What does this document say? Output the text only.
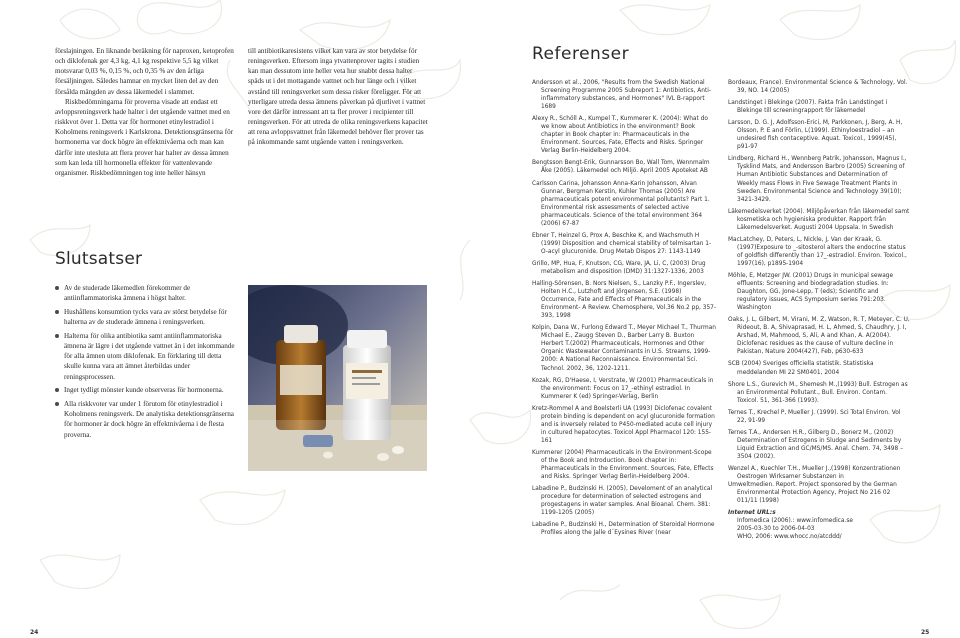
förslajningen. En liknande beräkning för naproxen, ketoprofen och diklofenak ger 4,3 kg, 4,1 kg respektive 5,5 kg vilket motsvarar 0,03 %, 0,15 %, och 0,35 % av den årliga försäljningen. Således hamnar en mycket liten del av den försålda mängden av dessa läkemedel i slammet.

Riskbedömningarna för proverna visade att endast ett avloppsreningsverk hade halter i det utgående vattnet med en riskkvot över 1. Detta var för hormonet etinylestradiol i Koholmens reningsverk i Karlskrona. Detektionsgränserna för hormonerna var dock högre än effektnivåerna och man kan därför inte utesluta att flera prover har halter av dessa ämnen som kan leda till hormonella effekter för vattenlevande organismer. Riskbedömningen tog inte heller hänsyn

till antibiotikaresistens vilket kan vara av stor betydelse för reningsverken. Eftersom inga ytvattenprover tagits i studien kan man dessutom inte heller veta hur snabbt dessa halter späds ut i det mottagande vattnet och hur länge och i vilket avstånd till reningsverket som dessa risker föreligger. För att ytterligare utreda dessa ämnens påverkan på djurlivet i vattnet vore det därför intressant att ta fler prover i recipienter till reningsverken. För att utreda de olika reningsverkens kapacitet att rena avloppsvattnet från läkemedel behöver fler prover tas på inkommande samt utgående vatten i reningsverken.

Slutsatser
Av de studerade läkemedlen förekommer de antiinflammatoriska ämnena i högst halter.
Hushållens konsumtion tycks vara av störst betydelse för halterna av de studerade ämnena i reningsverken.
Halterna för olika antibiotika samt antiinflammatoriska ämnena är lägre i det utgående vattnet än i det inkommande för alla ämnen utom diklofenak. En förklaring till detta skulle kunna vara att ämnet återbildas under reningsprocessen.
Inget tydligt mönster kunde observeras för hormonerna.
Alla riskkvoter var under 1 förutom för etinylestradiol i Koholmens reningsverk. De analytiska detektionsgränserna för hormoner är dock högre än effektnivåerna i de flesta proverna.
Referenser

Andersson et al., 2006, "Results from the Swedish National Screening Programme 2005 Subreport 1: Antibiotics, Anti-inflammatory substances, and Hormones" IVL B-rapport 1689

Alexy R., Schöll A., Kumpel T., Kummerer K. (2004): What do we know about Antibiotics in the environment? Book chapter in Book chapter in: Pharmaceuticals in the Environment. Sources, Fate, Effects and Risks. Springer Verlag Berlin-Heidelberg 2004.

Bengtsson Bengt-Erik, Gunnarsson Bo, Wall Tom, Wennmalm Åke (2005). Läkemedel och Miljö. April 2005 Apoteket AB

Carlsson Carina, Johansson Anna-Karin Johansson, Alvan Gunnar, Bergman Kerstin, Kuhler Thomas (2005) Are pharmaceuticals potent environmental pollutants? Part 1. Environmental risk assessments of selected active pharmaceuticals. Science of the total environment 364 (2006) 67-87

Ebner T, Heinzel G, Prox A, Beschke K, and Wachsmuth H (1999) Disposition and chemical stability of telmisartan 1-O-acyl glucuronide. Drug Metab Dispos 27: 1143-1149

Grillo, MP, Hua, F, Knutson, CG, Ware, JA, Li, C, (2003) Drug metabolism and disposition (DMD) 31:1327-1336, 2003

Halling-Sörensen, B. Nors Nielsen, S., Lanzky P.F., Ingerslev, Holten H.C., Lutzhoft and Jörgensen, S.E. (1998) Occurrence, Fate and Effects of Pharmaceuticals in the Environment- A Review. Chemosphere, Vol.36 No.2 pp, 357-393, 1998

Kolpin, Dana W., Furlong Edward T., Meyer Michael T., Thurman Michael E., Zaugg Steven D., Barber Larry B. Buxton Herbert T.(2002) Pharmaceuticals, Hormones and Other Organic Wastewater Contaminants in U.S. Streams, 1999-2000: A National Reconnaissance. Environmental Sci. Technol. 2002, 36, 1202-1211.

Kozak, RG, D'Haese, I, Verstrate, W (2001) Pharmaceuticals in the environment: Focus on 17_-ethinyl estradiol. In Kummerer K (ed) Springer-Verlag, Berlin

Kretz-Rommel A and Boelsterli UA (1993) Diclofenac covalent protein binding is dependent on acyl glucuronide formation and is inversely related to P450-mediated acute cell injury in cultured hepatocytes. Toxicol Appl Pharmacol 120: 155-161

Kummerer (2004) Pharmaceuticals in the Environment-Scope of the Book and Introduction. Book chapter in: Pharmaceuticals in the Environment. Sources, Fate, Effects and Risks. Springer Verlag Berlin-Heidelberg 2004.

Labadine P., Budzinski H. (2005), Develoment of an analytical procedure for determination of selected estrogens and progestagens in water samples. Anal Bioanal. Chem. 381: 1199-1205 (2005)

Labadine P., Budzinski H., Determination of Steroidal Hormone Profiles along the Jalle d´Eysines River (near

Bordeaux, France). Environmental Science & Technology, Vol. 39, NO. 14 (2005)

Landstinget i Blekinge (2007). Fakta från Landstinget i Blekinge till screeningrapport för läkemedel

Larsson, D. G. J, Adolfsson-Erici, M, Parkkonen, J, Berg, A. H, Olsson, P. E and Förlin, L(1999). Ethinyloestradiol – an undesired fish contaceptive. Aquat. Toxicol., 1999(45), p91-97

Lindberg, Richard H., Wennberg Patrik, Johansson, Magnus I., Tysklind Mats, and Andersson Barbro (2005) Screening of Human Antibiotic Substances and Determination of Weekly mass Flows in Five Sewage Treatment Plants in Sweden. Environmental Science and Technology 39(10); 3421-3429.

Läkemedelsverket (2004). Miljöpåverkan från läkemedel samt kosmetiska och hygieniska produkter. Rapport från Läkemedelsverket. Augusti 2004 Uppsala. In Swedish

MacLatchey, D, Peters, L, Nickle, J, Van der Kraak, G. (1997)Exposure to _-sitosterol alters the endocrine status of goldfish differently than 17_-estradiol. Environ. Toxicol., 1997(16), p1895-1904

Möhle, E, Metzger JW. (2001) Drugs in municipal sewage effluents: Screening and biodegradation studies. In: Daughton, GG, Jone-Lepp, T (eds); Scientific and regulatory issues, ACS Symposium series 791:203. Washington

Oaks, J. L, Gilbert, M, Virani, M. Z, Watson, R. T, Meteyer, C. U, Rideout, B. A, Shivaprasad, H. L, Ahmed, S, Chaudhry, J. I, Arshad, M, Mahmood, S, Ali, A and Khan, A. A(2004). Diclofenac residues as the cause of vulture decline in Pakistan, Nature 2004(427), Feb, p630-633

SCB (2004) Sveriges officiella statistik. Statistiska meddelanden MI 22 SM0401, 2004

Shore L.S., Gurevich M., Shemesh M.,(1993) Bull. Estrogen as an Environmental Pollutant., Bull. Environ. Contam. Toxicol. 51, 361-366 (1993).

Ternes T., Krechel P, Mueller J. (1999). Sci Total Environ. Vol 22, 91-99

Ternes T.A., Andersen H.R., Gilberg D., Bonerz M., (2002) Determination of Estrogens in Sludge and Sediments by Liquid Extraction and GC/MS/MS. Anal. Chem. 74, 3498 – 3504 (2002).

Wenzel A., Kuechler T.H., Mueller J.,(1998) Konzentrationen Oestrogen Wirksamer Substanzen in

Umweltmedien. Report. Project sponsored by the German Environmental Protection Agency, Project No 216 02 011/11 (1998)

Internet URL:s
Infomedica (2006).: www.infomedica.se
2005-03-30 to 2006-04-03
WHO, 2006: www.whocc.no/atcddd/
24	25
